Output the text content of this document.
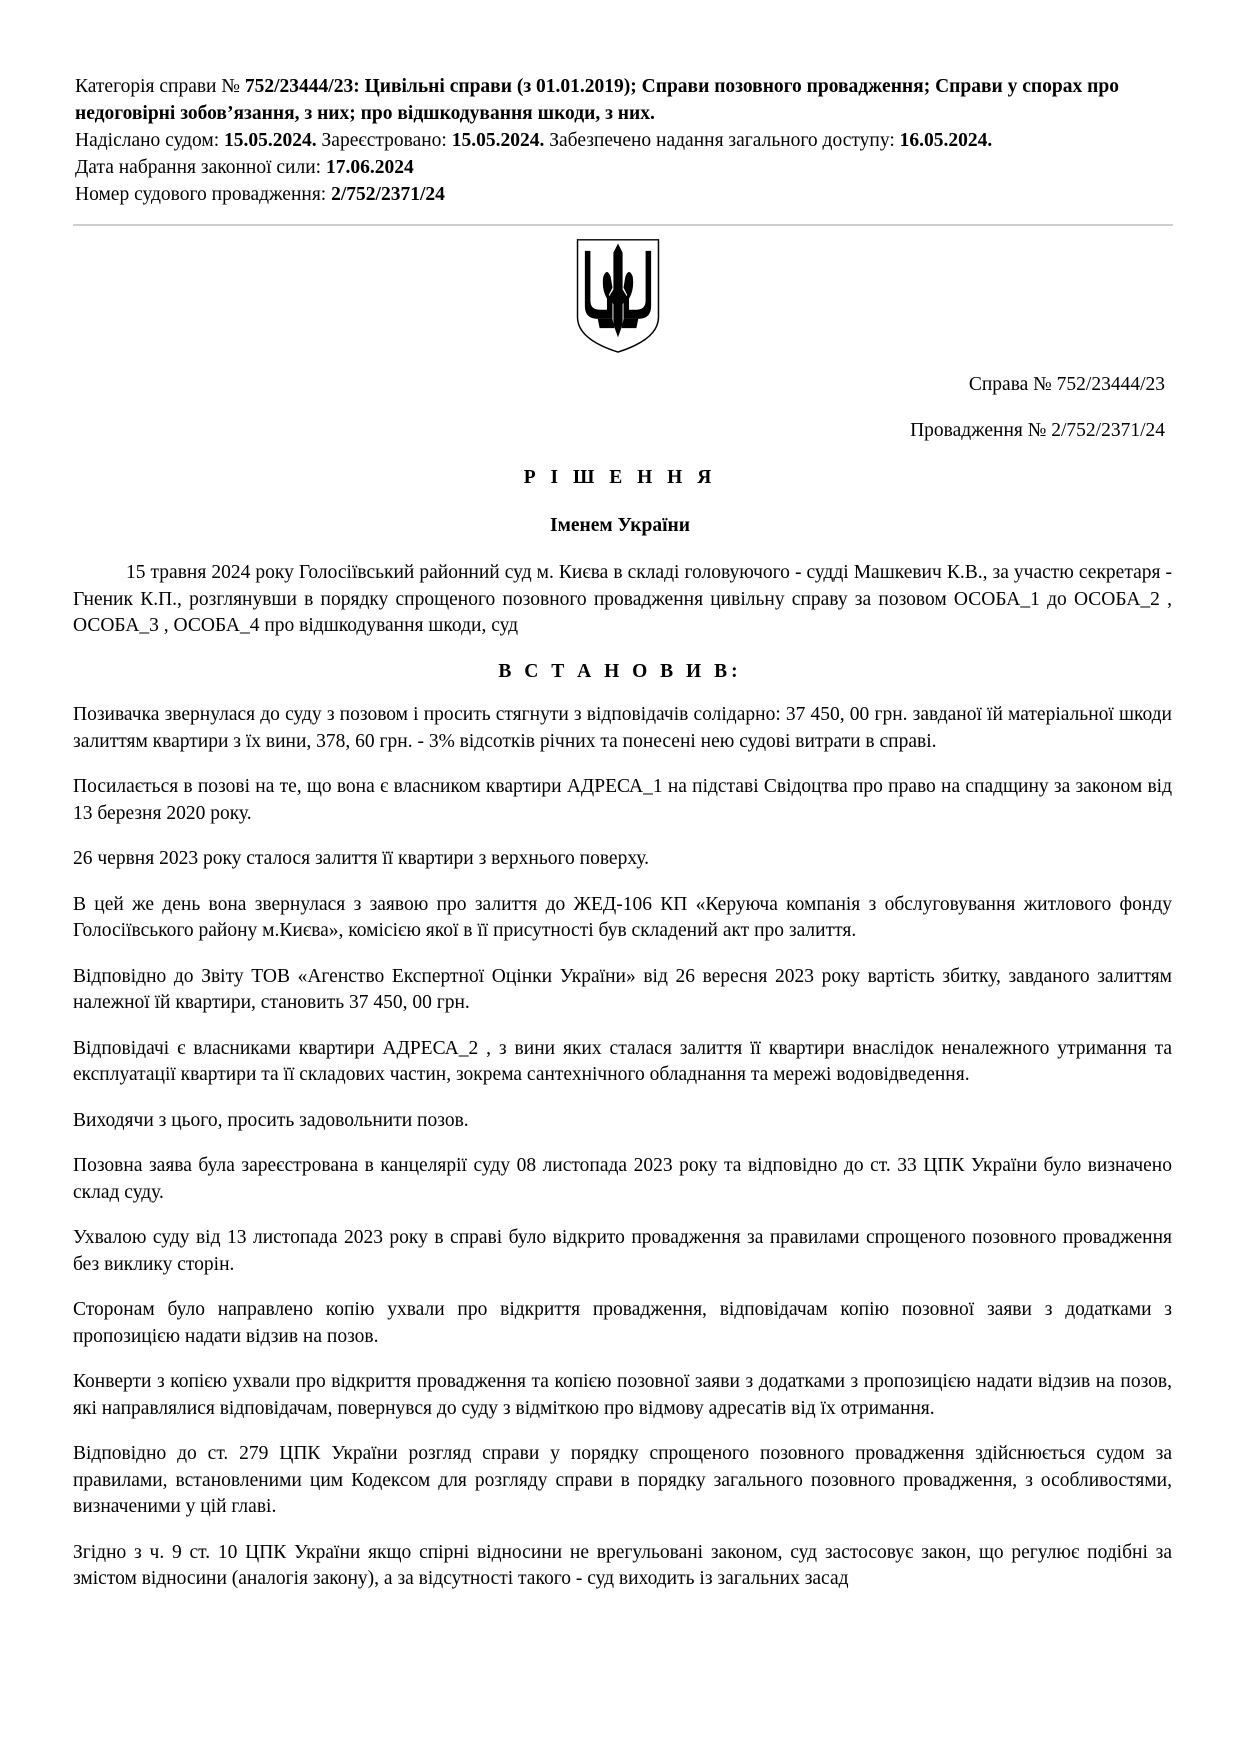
Категорія справи № 752/23444/23: Цивільні справи (з 01.01.2019); Справи позовного провадження; Справи у спорах про недоговірні зобов’язання, з них; про відшкодування шкоди, з них.

Надіслано судом: 15.05.2024. Зареєстровано: 15.05.2024. Забезпечено надання загального доступу: 16.05.2024.

Дата набрання законної сили: 17.06.2024

Номер судового провадження: 2/752/2371/24

Справа № 752/23444/23
Провадження № 2/752/2371/24
Р І Ш Е Н Н Я
Іменем України

15 травня 2024 року Голосіївський районний суд м. Києва в складі головуючого - судді Машкевич К.В., за участю секретаря - Гненик К.П., розглянувши в порядку спрощеного позовного провадження цивільну справу за позовом ОСОБА_1 до ОСОБА_2 , ОСОБА_3 , ОСОБА_4 про відшкодування шкоди, суд

В С Т А Н О В И В:

Позивачка звернулася до суду з позовом і просить стягнути з відповідачів солідарно: 37 450, 00 грн. завданої їй матеріальної шкоди залиттям квартири з їх вини, 378, 60 грн. - 3% відсотків річних та понесені нею судові витрати в справі.

Посилається в позові на те, що вона є власником квартири АДРЕСА_1 на підставі Свідоцтва про право на спадщину за законом від 13 березня 2020 року.

26 червня 2023 року сталося залиття її квартири з верхнього поверху.

В цей же день вона звернулася з заявою про залиття до ЖЕД-106 КП «Керуюча компанія з обслуговування житлового фонду Голосіївського району м.Києва», комісією якої в її присутності був складений акт про залиття.

Відповідно до Звіту ТОВ «Агенство Експертної Оцінки України» від 26 вересня 2023 року вартість збитку, завданого залиттям належної їй квартири, становить 37 450, 00 грн.

Відповідачі є власниками квартири АДРЕСА_2 , з вини яких сталася залиття її квартири внаслідок неналежного утримання та експлуатації квартири та її складових частин, зокрема сантехнічного обладнання та мережі водовідведення.

Виходячи з цього, просить задовольнити позов.

Позовна заява була зареєстрована в канцелярії суду 08 листопада 2023 року та відповідно до ст. 33 ЦПК України було визначено склад суду.

Ухвалою суду від 13 листопада 2023 року в справі було відкрито провадження за правилами спрощеного позовного провадження без виклику сторін.

Сторонам було направлено копію ухвали про відкриття провадження, відповідачам копію позовної заяви з додатками з пропозицією надати відзив на позов.

Конверти з копією ухвали про відкриття провадження та копією позовної заяви з додатками з пропозицією надати відзив на позов, які направлялися відповідачам, повернувся до суду з відміткою про відмову адресатів від їх отримання.

Відповідно до ст. 279 ЦПК України розгляд справи у порядку спрощеного позовного провадження здійснюється судом за правилами, встановленими цим Кодексом для розгляду справи в порядку загального позовного провадження, з особливостями, визначеними у цій главі.

Згідно з ч. 9 ст. 10 ЦПК України якщо спірні відносини не врегульовані законом, суд застосовує закон, що регулює подібні за змістом відносини (аналогія закону), а за відсутності такого - суд виходить із загальних засад
